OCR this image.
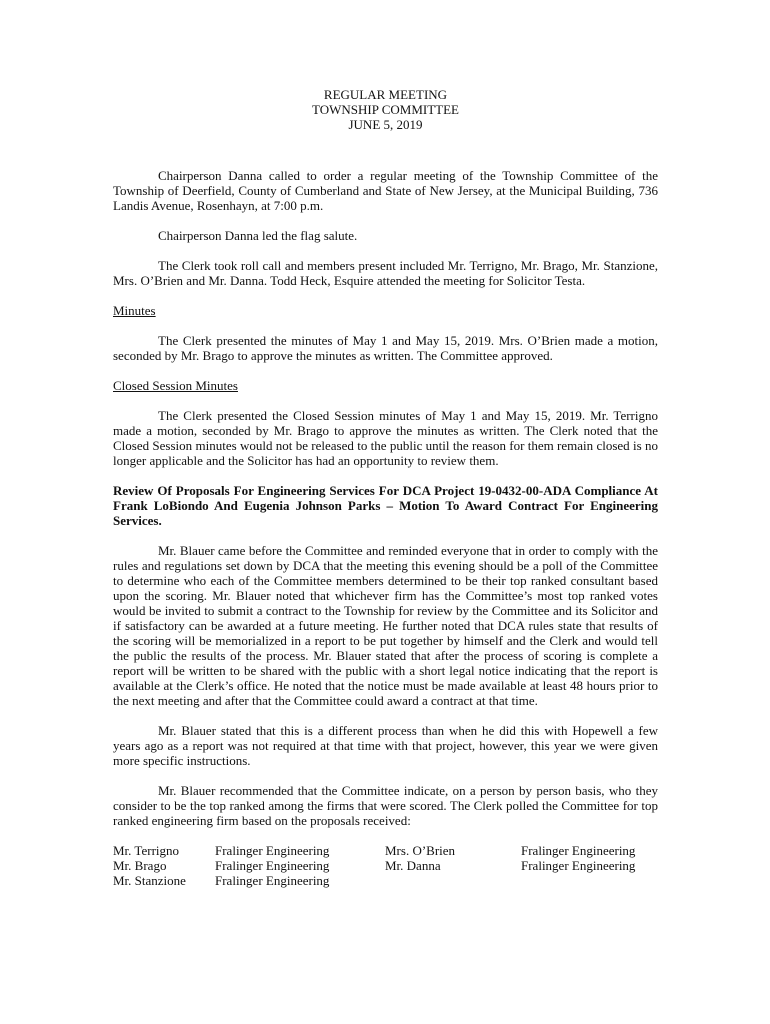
REGULAR MEETING
TOWNSHIP COMMITTEE
JUNE 5, 2019

Chairperson Danna called to order a regular meeting of the Township Committee of the Township of Deerfield, County of Cumberland and State of New Jersey, at the Municipal Building, 736 Landis Avenue, Rosenhayn, at 7:00 p.m.

Chairperson Danna led the flag salute.

The Clerk took roll call and members present included Mr. Terrigno, Mr. Brago, Mr. Stanzione, Mrs. O’Brien and Mr. Danna. Todd Heck, Esquire attended the meeting for Solicitor Testa.

Minutes

The Clerk presented the minutes of May 1 and May 15, 2019. Mrs. O’Brien made a motion, seconded by Mr. Brago to approve the minutes as written. The Committee approved.

Closed Session Minutes

The Clerk presented the Closed Session minutes of May 1 and May 15, 2019. Mr. Terrigno made a motion, seconded by Mr. Brago to approve the minutes as written. The Clerk noted that the Closed Session minutes would not be released to the public until the reason for them remain closed is no longer applicable and the Solicitor has had an opportunity to review them.

Review Of Proposals For Engineering Services For DCA Project 19-0432-00-ADA Compliance At Frank LoBiondo And Eugenia Johnson Parks – Motion To Award Contract For Engineering Services.

Mr. Blauer came before the Committee and reminded everyone that in order to comply with the rules and regulations set down by DCA that the meeting this evening should be a poll of the Committee to determine who each of the Committee members determined to be their top ranked consultant based upon the scoring. Mr. Blauer noted that whichever firm has the Committee’s most top ranked votes would be invited to submit a contract to the Township for review by the Committee and its Solicitor and if satisfactory can be awarded at a future meeting. He further noted that DCA rules state that results of the scoring will be memorialized in a report to be put together by himself and the Clerk and would tell the public the results of the process. Mr. Blauer stated that after the process of scoring is complete a report will be written to be shared with the public with a short legal notice indicating that the report is available at the Clerk’s office. He noted that the notice must be made available at least 48 hours prior to the next meeting and after that the Committee could award a contract at that time.

Mr. Blauer stated that this is a different process than when he did this with Hopewell a few years ago as a report was not required at that time with that project, however, this year we were given more specific instructions.

Mr. Blauer recommended that the Committee indicate, on a person by person basis, who they consider to be the top ranked among the firms that were scored. The Clerk polled the Committee for top ranked engineering firm based on the proposals received:

Mr. Terrigno	Fralinger Engineering	Mrs. O’Brien	Fralinger Engineering
Mr. Brago	Fralinger Engineering	Mr. Danna	Fralinger Engineering
Mr. Stanzione	Fralinger Engineering		
